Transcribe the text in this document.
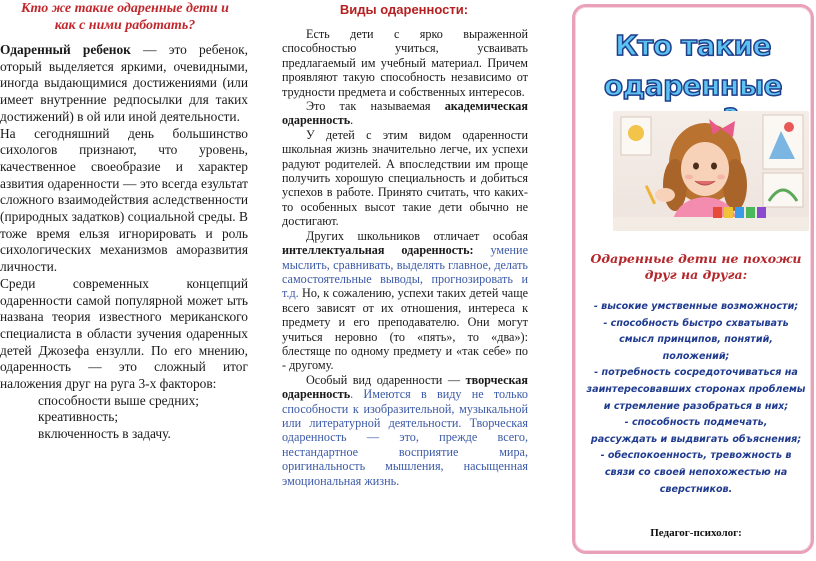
Кто же такие одаренные дети и
как с ними работать?

Одаренный ребенок — это ребенок, оторый выделяется яркими, очевидными, иногда выдающимися достижениями (или имеет внутренние редпосылки для таких достижений) в ой или иной деятельности.

На сегодняшний день большинство сихологов признают, что уровень, качественное своеобразие и характер азвития одаренности — это всегда езультат сложного взаимодействия аследственности (природных задатков) социальной среды. В тоже время ельзя игнорировать и роль сихологических механизмов аморазвития личности.

Среди современных концепций одаренности самой популярной может ыть названа теория известного мериканского специалиста в области зучения одаренных детей Джозефа ензулли. По его мнению, одаренность — это сложный итог наложения друг на руга 3-х факторов:

способности выше средних;
креативность;
включенность в задачу.
Виды одаренности:

Есть дети с ярко выраженной способностью учиться, усваивать предлагаемый им учебный материал. Причем проявляют такую способность независимо от трудности предмета и собственных интересов.

Это так называемая академическая одаренность.

У детей с этим видом одаренности школьная жизнь значительно легче, их успехи радуют родителей. А впоследствии им проще получить хорошую специальность и добиться успехов в работе. Принято считать, что каких-то особенных высот такие дети обычно не достигают.

Других школьников отличает особая интеллектуальная одаренность: умение мыслить, сравнивать, выделять главное, делать самостоятельные выводы, прогнозировать и т.д. Но, к сожалению, успехи таких детей чаще всего зависят от их отношения, интереса к предмету и его преподавателю. Они могут учиться неровно (то «пять», то «два»): блестяще по одному предмету и «так себе» по - другому.

Особый вид одаренности — творческая одаренность. Имеются в виду не только способности к изобразительной, музыкальной или литературной деятельности. Творческая одаренность — это, прежде всего, нестандартное восприятие мира, оригинальность мышления, насыщенная эмоциональная жизнь.

Кто такие
одаренные
Одаренные дети не похожи
друг на друга:
- высокие умственные возможности;
- способность быстро схватывать
смысл принципов, понятий,
положений;
- потребность сосредоточиваться на
заинтересовавших сторонах проблемы
и стремление разобраться в них;
- способность подмечать,
рассуждать и выдвигать объяснения;
- обеспокоенность, тревожность в
связи со своей непохожестью на
сверстников.
Педагог-психолог:
